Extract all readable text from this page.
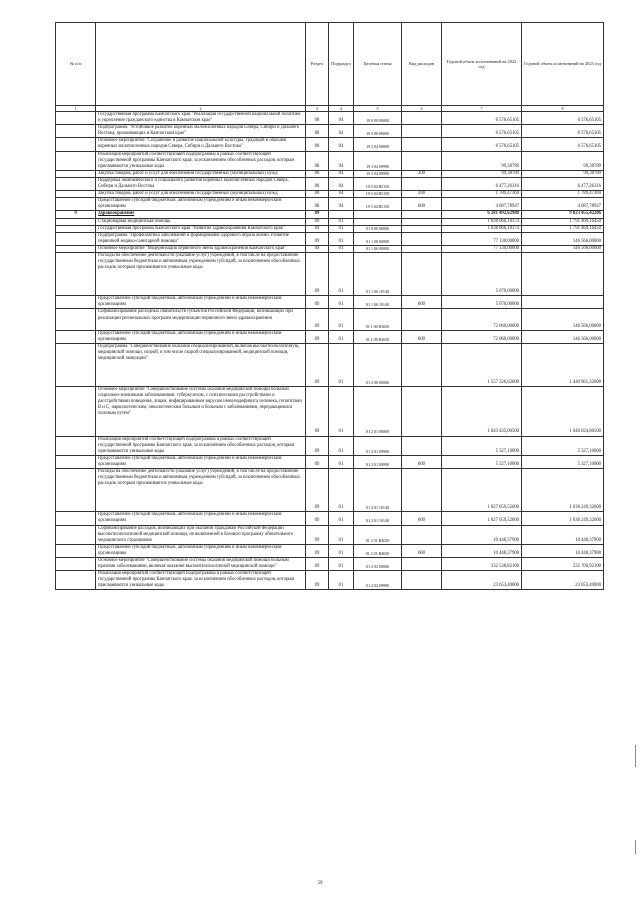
№ п/п		Раздел	Подраздел	Целевая статья	Вид расходов	Годовой объем ассигнований на 2022 год	Годовой объем ассигнований на 2023 год
1	2	3	4	5	6	7	8
	Государственная программа Камчатского края "Реализация государственной национальной политики и укрепление гражданского единства в Камчатском крае"	08	04	19 0 00 00000		6 576,65105	6 576,65105
	Подпрограмма "Устойчивое развитие коренных малочисленных народов Севера, Сибири и Дальнего Востока, проживающих в Камчатском крае"	08	04	19 3 00 00000		6 576,65105	6 576,65105
	Основное мероприятие "Сохранение и развитие национальной культуры, традиций и обычаев коренных малочисленных народов Севера, Сибири и Дальнего Востока"	08	04	19 3 04 00000		6 576,65105	6 576,65105
	Реализация мероприятий соответствующей подпрограммы в рамках соответствующей государственной программы Камчатского края, за исключением обособленных расходов, которым присваиваются уникальные коды	08	04	19 3 04 09990		99,38789	99,38789
	Закупка товаров, работ и услуг для обеспечения государственных (муниципальных) нужд	08	04	19 3 04 09990	200	99,38789	99,38789
	Поддержка экономического и социального развития коренных малочисленных народов Севера, Сибири и Дальнего Востока	08	04	19 3 04 R5150		6 477,26316	6 477,26316
	Закупка товаров, работ и услуг для обеспечения государственных (муниципальных) нужд	08	04	19 3 04 R5150	200	1 789,47369	1 789,47369
	Предоставление субсидий бюджетным, автономным учреждениям и иным некоммерческим организациям	08	04	19 3 04 R5150	600	4 687,78947	4 687,78947
9	Здравоохранение	09				6 281 492,62988	9 823 455,42206
	Стационарная медицинская помощь	09	01			1 838 066,18374	1 791 469,16450
	Государственная программа Камчатского края "Развитие здравоохранения Камчатского края"	09	01	01 0 00 00000		1 838 066,18374	1 791 469,16450
	Подпрограмма "Профилактика заболеваний и формирование здорового образа жизни. Развитие первичной медико-санитарной помощи"	09	01	01 1 00 00000		77 130,00000	146 566,00000
	Основное мероприятие "Модернизация первичного звена здравоохранения Камчатского края"	09	01	01 1 06 00000		77 130,00000	146 566,00000
	Расходы на обеспечение деятельности (оказание услуг) учреждений, в том числе на предоставление государственным бюджетным и автономным учреждениям субсидий, за исключением обособленных расходов, которым присваиваются уникальные коды	09	01	01 1 06 10140		5 070,00000	
	Предоставление субсидий бюджетным, автономным учреждениям и иным некоммерческим организациям	09	01	01 1 06 10140	600	5 070,00000	
	Софинансирование расходных обязательств субъектов Российской Федерации, возникающих при реализации региональных программ модернизации первичного звена здравоохранения	09	01	01 1 06 R3650		72 060,00000	146 566,00000
	Предоставление субсидий бюджетным, автономным учреждениям и иным некоммерческим организациям	09	01	01 1 06 R3650	600	72 060,00000	146 566,00000
	Подпрограмма "Совершенствование оказания специализированной, включая высокотехнологичную, медицинской помощи, скорой, в том числе скорой специализированной, медицинской помощи, медицинской эвакуации"	09	01	01 2 00 00000		1 557 326,62600	1 440 961,32600
	Основное мероприятие "Совершенствование системы оказания медицинской помощи больным социально-значимыми заболеваниями: туберкулезом, с психическими расстройствами и расстройствами поведения, лицам, инфицированным вирусом иммунодефицита человека, гепатитами В и С, наркологическим, онкологическим больным и больным с заболеваниями, передающимися половым путем"	09	01	01 2 01 00000		1 043 435,00500	1 046 024,80500
	Реализация мероприятий соответствующей подпрограммы в рамках соответствующей государственной программы Камчатского края, за исключением обособленных расходов, которым присваиваются уникальные коды	09	01	01 2 01 09990		5 327,10000	5 327,10000
	Предоставление субсидий бюджетным, автономным учреждениям и иным некоммерческим организациям	09	01	01 2 01 09990	600	5 327,10000	5 327,10000
	Расходы на обеспечение деятельности (оказание услуг) учреждений, в том числе на предоставление государственным бюджетным и автономным учреждениям субсидий, за исключением обособленных расходов, которым присваиваются уникальные коды	09	01	01 2 01 10140		1 027 659,52600	1 030 249,32600
	Предоставление субсидий бюджетным, автономным учреждениям и иным некоммерческим организациям	09	01	01 2 01 10140	600	1 027 659,52600	1 030 249,32600
	Софинансирование расходов, возникающих при оказании гражданам Российской Федерации высокотехнологичной медицинской помощи, не включенной в базовую программу обязательного медицинского страхования	09	01	01 2 01 R4020		10 448,37900	10 448,37900
	Предоставление субсидий бюджетным, автономным учреждениям и иным некоммерческим организациям	09	01	01 2 01 R4020	600	10 448,37900	10 448,37900
	Основное мероприятие "Совершенствование системы оказания медицинской помощи больным прочими заболеваниями, включая оказание высокотехнологичной медицинской помощи"	09	01	01 2 02 00000		332 538,82100	335 700,92100
	Реализация мероприятий соответствующей подпрограммы в рамках соответствующей государственной программы Камчатского края, за исключением обособленных расходов, которым присваиваются уникальные коды	09	01	01 2 02 09990		23 653,40000	23 653,40000
59
